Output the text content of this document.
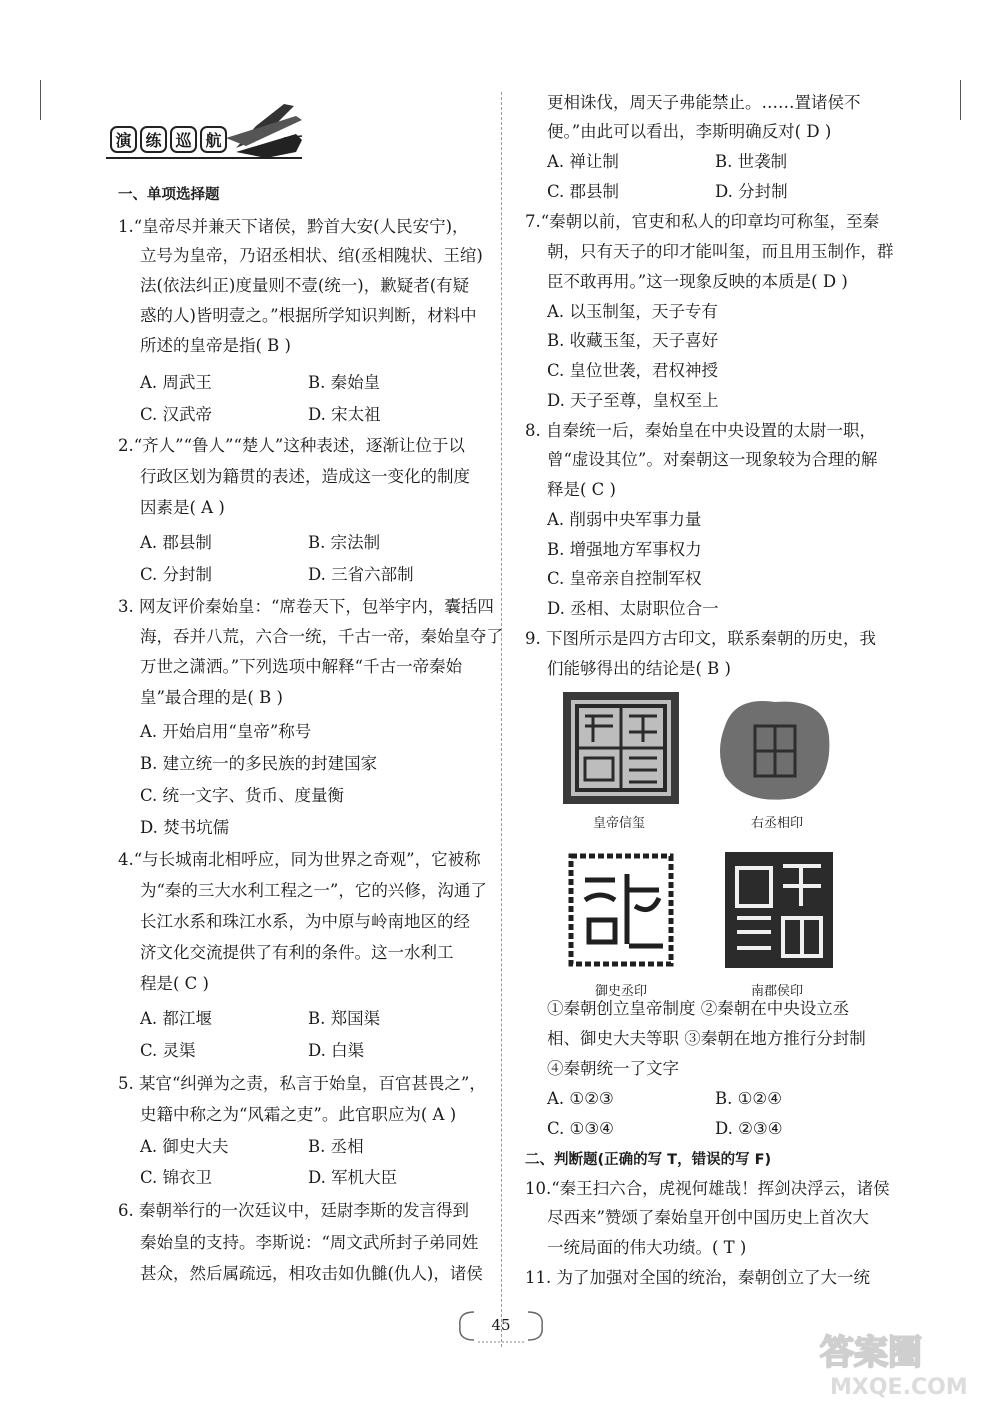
演 练 巡 航
一、单项选择题
1.“皇帝尽并兼天下诸侯，黔首大安(人民安宁)，
立号为皇帝，乃诏丞相状、绾(丞相隗状、王绾)
法(依法纠正)度量则不壹(统一)，歉疑者(有疑
惑的人)皆明壹之。”根据所学知识判断，材料中
所述的皇帝是指( B )
A. 周武王	B. 秦始皇
C. 汉武帝	D. 宋太祖
2.“齐人”“鲁人”“楚人”这种表述，逐渐让位于以
行政区划为籍贯的表述，造成这一变化的制度
因素是( A )
A. 郡县制	B. 宗法制
C. 分封制	D. 三省六部制
3. 网友评价秦始皇：“席卷天下，包举宇内，囊括四
海，吞并八荒，六合一统，千古一帝，秦始皇夺了
万世之潇洒。”下列选项中解释“千古一帝秦始
皇”最合理的是( B )
A. 开始启用“皇帝”称号
B. 建立统一的多民族的封建国家
C. 统一文字、货币、度量衡
D. 焚书坑儒
4.“与长城南北相呼应，同为世界之奇观”，它被称
为“秦的三大水利工程之一”，它的兴修，沟通了
长江水系和珠江水系，为中原与岭南地区的经
济文化交流提供了有利的条件。这一水利工
程是( C )
A. 都江堰	B. 郑国渠
C. 灵渠	D. 白渠
5. 某官“纠弹为之责，私言于始皇，百官甚畏之”，
史籍中称之为“风霜之吏”。此官职应为( A )
A. 御史大夫	B. 丞相
C. 锦衣卫	D. 军机大臣
6. 秦朝举行的一次廷议中，廷尉李斯的发言得到
秦始皇的支持。李斯说：“周文武所封子弟同姓
甚众，然后属疏远，相攻击如仇雠(仇人)，诸侯
更相诛伐，周天子弗能禁止。……置诸侯不
便。”由此可以看出，李斯明确反对( D )
A. 禅让制	B. 世袭制
C. 郡县制	D. 分封制
7.“秦朝以前，官吏和私人的印章均可称玺，至秦
朝，只有天子的印才能叫玺，而且用玉制作，群
臣不敢再用。”这一现象反映的本质是( D )
A. 以玉制玺，天子专有
B. 收藏玉玺，天子喜好
C. 皇位世袭，君权神授
D. 天子至尊，皇权至上
8. 自秦统一后，秦始皇在中央设置的太尉一职，
曾“虚设其位”。对秦朝这一现象较为合理的解
释是( C )
A. 削弱中央军事力量
B. 增强地方军事权力
C. 皇帝亲自控制军权
D. 丞相、太尉职位合一
9. 下图所示是四方古印文，联系秦朝的历史，我
们能够得出的结论是( B )
皇帝信玺	右丞相印
御史丞印	南郡侯印
①秦朝创立皇帝制度 ②秦朝在中央设立丞
相、御史大夫等职 ③秦朝在地方推行分封制
④秦朝统一了文字
A. ①②③	B. ①②④
C. ①③④	D. ②③④
二、判断题(正确的写 T，错误的写 F)
10.“秦王扫六合，虎视何雄哉！挥剑决浮云，诸侯
尽西来”赞颂了秦始皇开创中国历史上首次大
一统局面的伟大功绩。( T )
11. 为了加强对全国的统治，秦朝创立了大一统
45
答案圈
MXQE.COM
